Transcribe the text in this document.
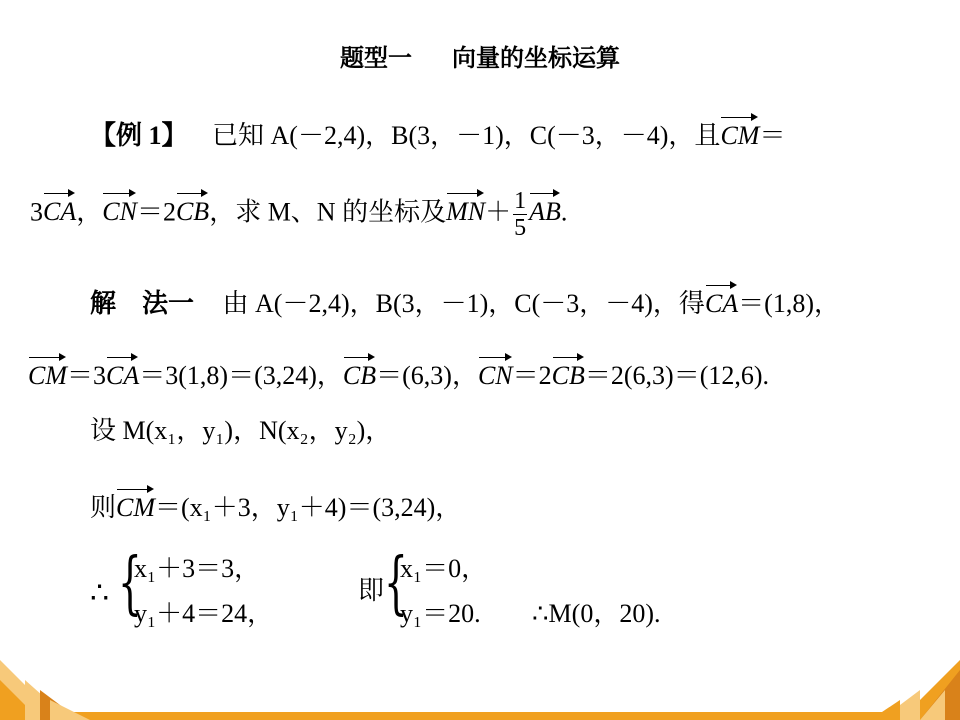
题型一 向量的坐标运算
【例 1】 已知 A(－2,4)，B(3，－1)，C(－3，－4)，且CM＝
3CA，CN＝2CB，求 M、N 的坐标及$MN+ \frac{1}{5}$ AB.
解　法一 由 A(－2,4)，B(3，－1)，C(－3，－4)，得CA＝(1,8)，
CM＝3CA＝3(1,8)＝(3,24)，CB＝(6,3)，CN＝2CB＝2(6,3)＝(12,6).
设 M(x₁，y₁)，N(x₂，y₂)，
则CM＝(x₁＋3，y₁＋4)＝(3,24)，
∴ {
x₁＋3＝3，
y₁＋4＝24，
即 {
x₁＝0，
y₁＝20. ∴M(0，20).
